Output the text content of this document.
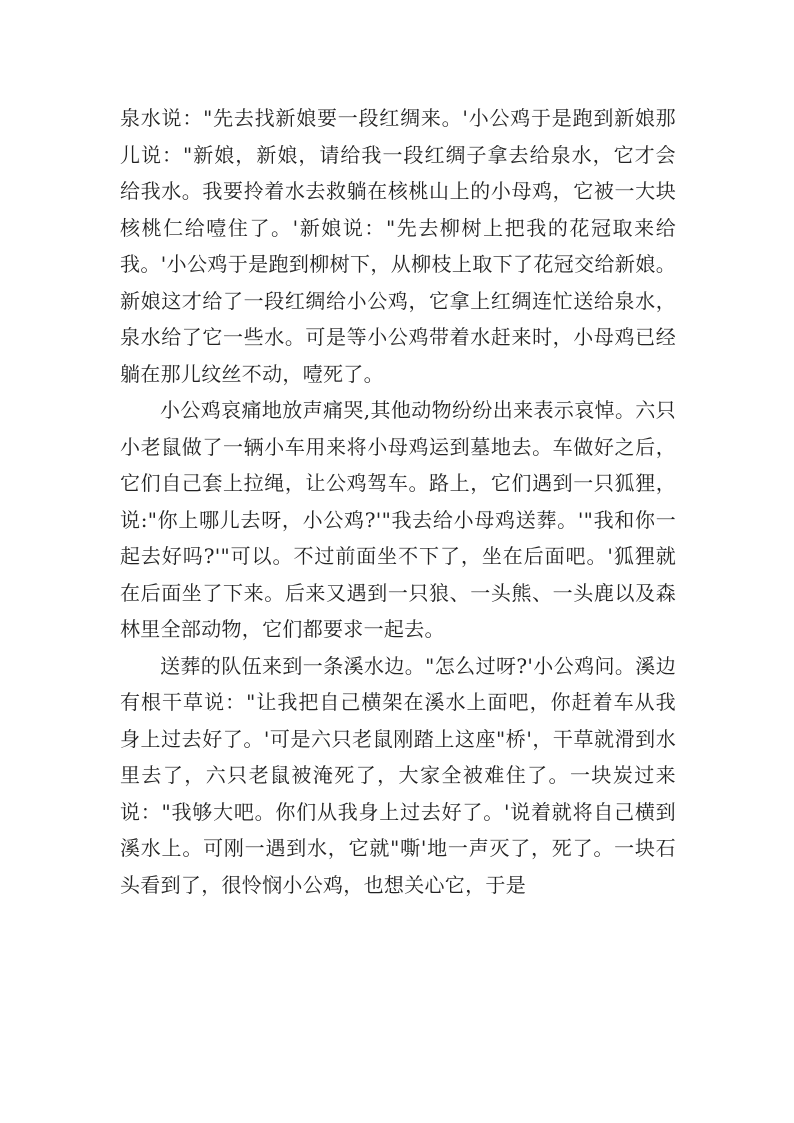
泉水说："先去找新娘要一段红绸来。'小公鸡于是跑到新娘那儿说："新娘，新娘，请给我一段红绸子拿去给泉水，它才会给我水。我要拎着水去救躺在核桃山上的小母鸡，它被一大块核桃仁给噎住了。'新娘说："先去柳树上把我的花冠取来给我。'小公鸡于是跑到柳树下，从柳枝上取下了花冠交给新娘。新娘这才给了一段红绸给小公鸡，它拿上红绸连忙送给泉水，泉水给了它一些水。可是等小公鸡带着水赶来时，小母鸡已经躺在那儿纹丝不动，噎死了。

小公鸡哀痛地放声痛哭,其他动物纷纷出来表示哀悼。六只小老鼠做了一辆小车用来将小母鸡运到墓地去。车做好之后，它们自己套上拉绳，让公鸡驾车。路上，它们遇到一只狐狸，说:"你上哪儿去呀，小公鸡?'"我去给小母鸡送葬。'"我和你一起去好吗?'"可以。不过前面坐不下了，坐在后面吧。'狐狸就在后面坐了下来。后来又遇到一只狼、一头熊、一头鹿以及森林里全部动物，它们都要求一起去。

送葬的队伍来到一条溪水边。"怎么过呀?'小公鸡问。溪边有根干草说："让我把自己横架在溪水上面吧，你赶着车从我身上过去好了。'可是六只老鼠刚踏上这座"桥'，干草就滑到水里去了，六只老鼠被淹死了，大家全被难住了。一块炭过来说："我够大吧。你们从我身上过去好了。'说着就将自己横到溪水上。可刚一遇到水，它就"嘶'地一声灭了，死了。一块石头看到了，很怜悯小公鸡，也想关心它，于是
